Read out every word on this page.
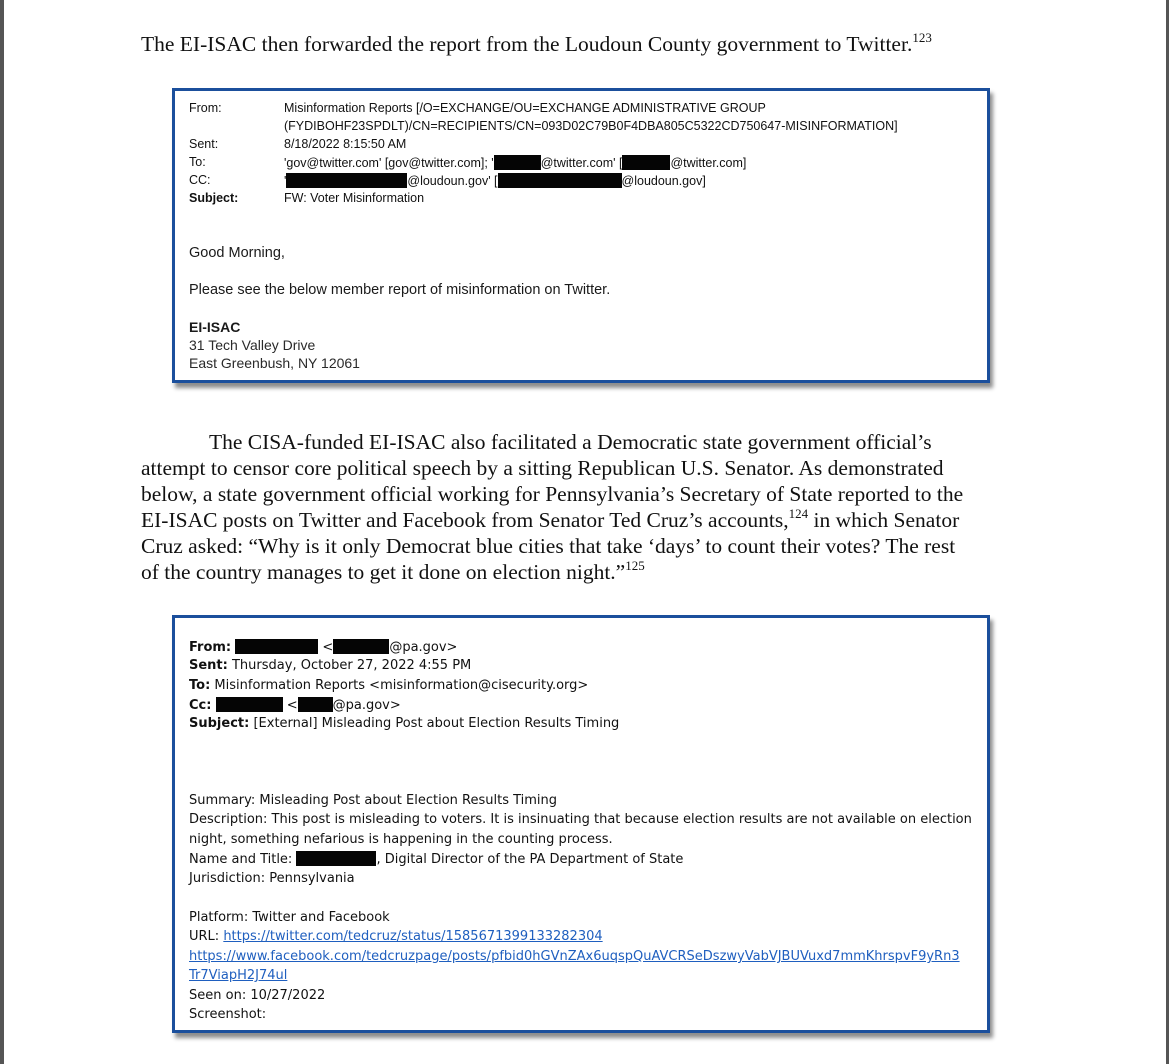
The EI-ISAC then forwarded the report from the Loudoun County government to Twitter.$^{123}$

From:	Misinformation Reports [/O=EXCHANGE/OU=EXCHANGE ADMINISTRATIVE GROUP
(FYDIBOHF23SPDLT)/CN=RECIPIENTS/CN=093D02C79B0F4DBA805C5322CD750647-MISINFORMATION]
Sent:	8/18/2022 8:15:50 AM
To:	'gov@twitter.com' [gov@twitter.com]; '	@twitter.com' [	@twitter.com]
CC:	'	@loudoun.gov' [	@loudoun.gov]
Subject:	FW: Voter Misinformation
Good Morning,
Please see the below member report of misinformation on Twitter.
EI-ISAC
31 Tech Valley Drive
East Greenbush, NY 12061
The CISA-funded EI-ISAC also facilitated a Democratic state government official’s
attempt to censor core political speech by a sitting Republican U.S. Senator. As demonstrated
below, a state government official working for Pennsylvania’s Secretary of State reported to the
EI-ISAC posts on Twitter and Facebook from Senator Ted Cruz’s accounts,$^{124}$ in which Senator
Cruz asked: “Why is it only Democrat blue cities that take ‘days’ to count their votes? The rest
of the country manages to get it done on election night.”$^{125}$
From:	<	@pa.gov>
Sent: Thursday, October 27, 2022 4:55 PM
To: Misinformation Reports <misinformation@cisecurity.org>
Cc:	<	@pa.gov>
Subject: [External] Misleading Post about Election Results Timing
Summary: Misleading Post about Election Results Timing
Description: This post is misleading to voters. It is insinuating that because election results are not available on election
night, something nefarious is happening in the counting process.
Name and Title:	, Digital Director of the PA Department of State
Jurisdiction: Pennsylvania
Platform: Twitter and Facebook
URL: https://twitter.com/tedcruz/status/1585671399133282304
https://www.facebook.com/tedcruzpage/posts/pfbid0hGVnZAx6uqspQuAVCRSeDszwyVabVJBUVuxd7mmKhrspvF9yRn3
Tr7ViapH2J74ul
Seen on: 10/27/2022
Screenshot:
